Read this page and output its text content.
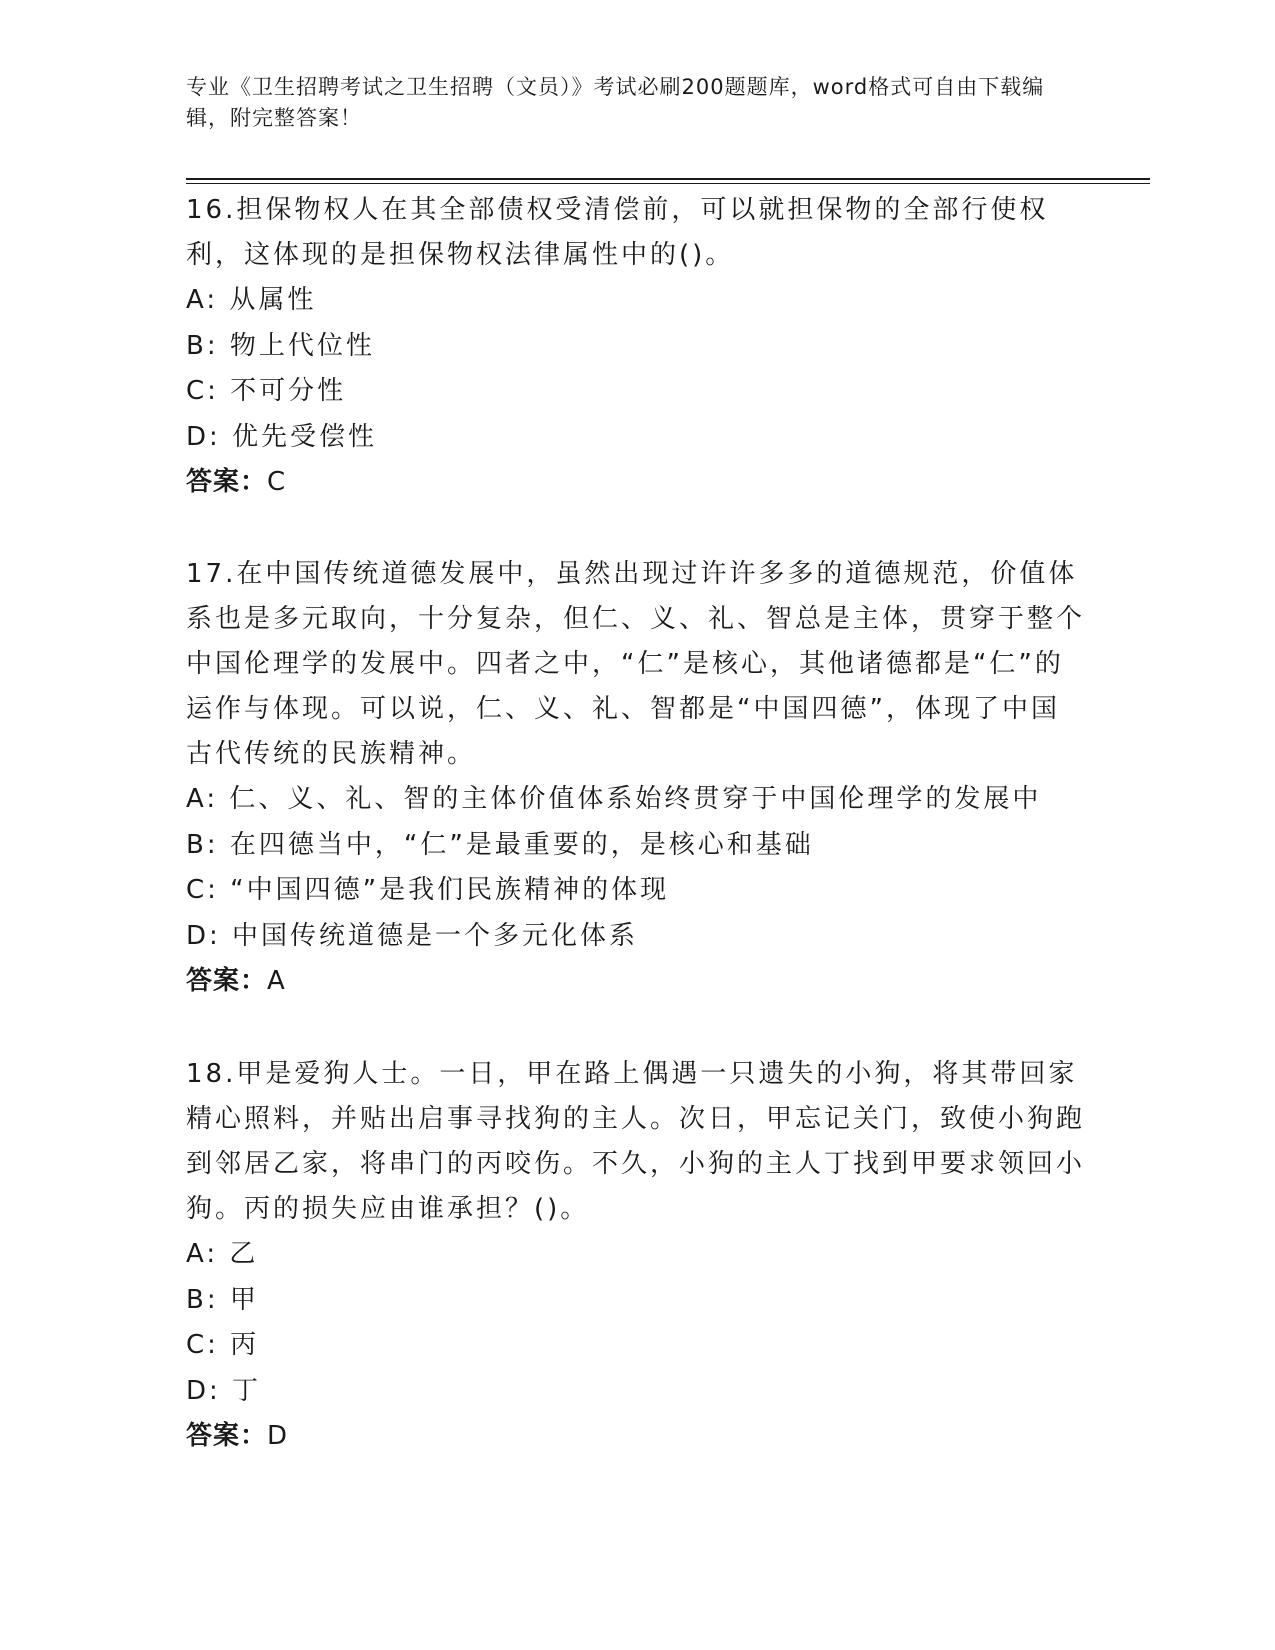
专业《卫生招聘考试之卫生招聘（文员）》考试必刷200题题库，word格式可自由下载编辑，附完整答案！

16.担保物权人在其全部债权受清偿前，可以就担保物的全部行使权利，这体现的是担保物权法律属性中的()。

A: 从属性

B: 物上代位性

C: 不可分性

D: 优先受偿性

答案：C

17.在中国传统道德发展中，虽然出现过许许多多的道德规范，价值体系也是多元取向，十分复杂，但仁、义、礼、智总是主体，贯穿于整个中国伦理学的发展中。四者之中，“仁”是核心，其他诸德都是“仁”的运作与体现。可以说，仁、义、礼、智都是“中国四德”，体现了中国古代传统的民族精神。

A: 仁、义、礼、智的主体价值体系始终贯穿于中国伦理学的发展中

B: 在四德当中，“仁”是最重要的，是核心和基础

C: “中国四德”是我们民族精神的体现

D: 中国传统道德是一个多元化体系

答案：A

18.甲是爱狗人士。一日，甲在路上偶遇一只遗失的小狗，将其带回家精心照料，并贴出启事寻找狗的主人。次日，甲忘记关门，致使小狗跑到邻居乙家，将串门的丙咬伤。不久，小狗的主人丁找到甲要求领回小狗。丙的损失应由谁承担？()。

A: 乙

B: 甲

C: 丙

D: 丁

答案：D
